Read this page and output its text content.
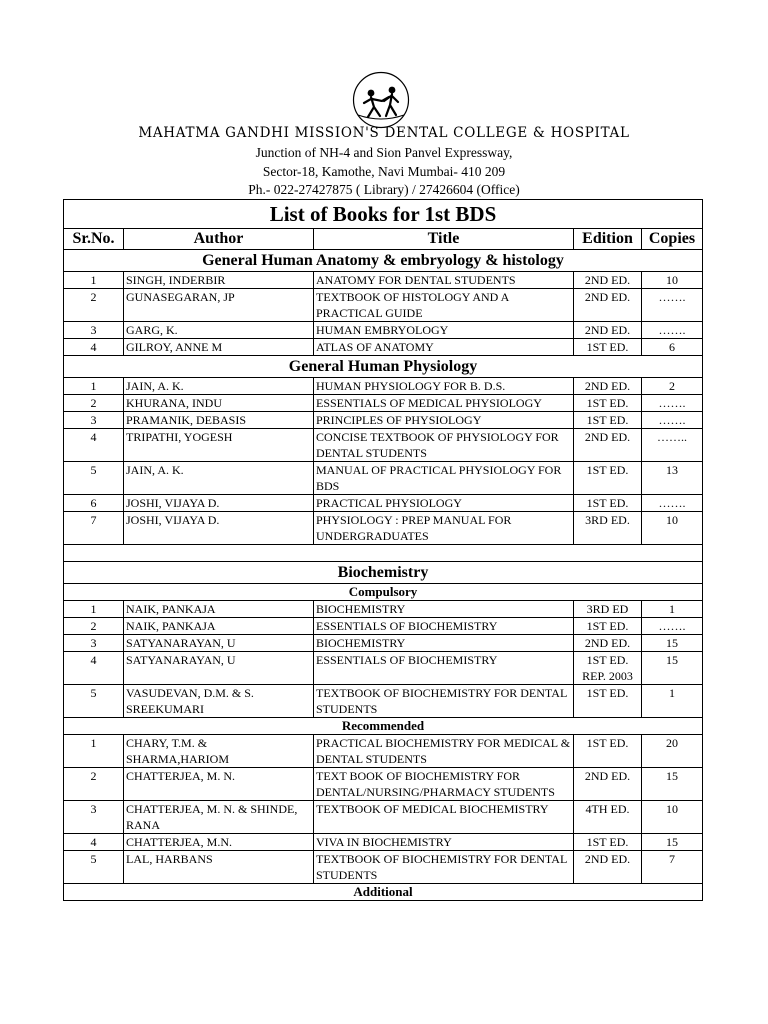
MAHATMA GANDHI MISSION'S DENTAL COLLEGE & HOSPITAL
Junction of NH-4 and Sion Panvel Expressway,
Sector-18, Kamothe, Navi Mumbai- 410 209
Ph.- 022-27427875 ( Library) / 27426604 (Office)
List of Books for 1st BDS				
Sr.No.	Author	Title	Edition	Copies
General Human Anatomy & embryology & histology				
1	SINGH, INDERBIR	ANATOMY FOR DENTAL STUDENTS	2ND ED.	10
2	GUNASEGARAN, JP	TEXTBOOK OF HISTOLOGY AND A PRACTICAL GUIDE	2ND ED.	…….
3	GARG, K.	HUMAN EMBRYOLOGY	2ND ED.	…….
4	GILROY, ANNE M	ATLAS OF ANATOMY	1ST ED.	6
General Human Physiology				
1	JAIN, A. K.	HUMAN PHYSIOLOGY FOR B. D.S.	2ND ED.	2
2	KHURANA, INDU	ESSENTIALS OF MEDICAL PHYSIOLOGY	1ST ED.	…….
3	PRAMANIK, DEBASIS	PRINCIPLES OF PHYSIOLOGY	1ST ED.	…….
4	TRIPATHI, YOGESH	CONCISE TEXTBOOK OF PHYSIOLOGY FOR DENTAL STUDENTS	2ND ED.	……..
5	JAIN, A. K.	MANUAL OF PRACTICAL PHYSIOLOGY FOR BDS	1ST ED.	13
6	JOSHI, VIJAYA D.	PRACTICAL PHYSIOLOGY	1ST ED.	…….
7	JOSHI, VIJAYA D.	PHYSIOLOGY : PREP MANUAL FOR UNDERGRADUATES	3RD ED.	10

Biochemistry				
Compulsory				
1	NAIK, PANKAJA	BIOCHEMISTRY	3RD ED	1
2	NAIK, PANKAJA	ESSENTIALS OF BIOCHEMISTRY	1ST ED.	…….
3	SATYANARAYAN, U	BIOCHEMISTRY	2ND ED.	15
4	SATYANARAYAN, U	ESSENTIALS OF BIOCHEMISTRY	1ST ED. REP. 2003	15
5	VASUDEVAN, D.M. & S. SREEKUMARI	TEXTBOOK OF BIOCHEMISTRY FOR DENTAL STUDENTS	1ST ED.	1
Recommended				
1	CHARY, T.M. & SHARMA,HARIOM	PRACTICAL BIOCHEMISTRY FOR MEDICAL & DENTAL STUDENTS	1ST ED.	20
2	CHATTERJEA, M. N.	TEXT BOOK OF BIOCHEMISTRY FOR DENTAL/NURSING/PHARMACY STUDENTS	2ND ED.	15
3	CHATTERJEA, M. N. & SHINDE, RANA	TEXTBOOK OF MEDICAL BIOCHEMISTRY	4TH ED.	10
4	CHATTERJEA, M.N.	VIVA IN BIOCHEMISTRY	1ST ED.	15
5	LAL, HARBANS	TEXTBOOK OF BIOCHEMISTRY FOR DENTAL STUDENTS	2ND ED.	7
Additional				
